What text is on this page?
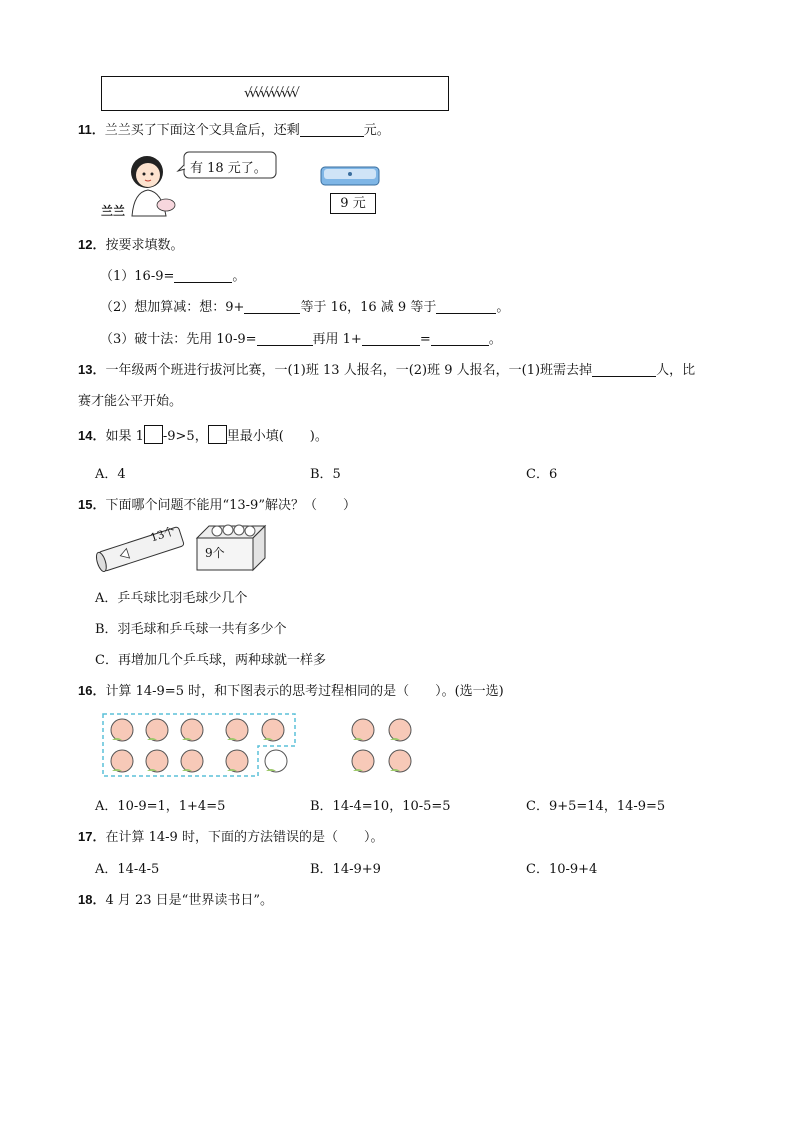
√√√√√√√√√√
11．兰兰买了下面这个文具盒后，还剩	元。
兰兰
有 18 元了。
9 元
12．按要求填数。
（1）16-9=	。
（2）想加算减：想：9+	等于 16，16 减 9 等于	。
（3）破十法：先用 10-9=	再用 1+	=	。
13．一年级两个班进行拔河比赛，一(1)班 13 人报名，一(2)班 9 人报名，一(1)班需去掉	人，比
赛才能公平开始。
14．如果 1 -9>5， 里最小填(　　)。
A．4	B．5	C．6
15．下面哪个问题不能用“13-9”解决？（　　）
13个
9个
A．乒乓球比羽毛球少几个
B．羽毛球和乒乓球一共有多少个
C．再增加几个乒乓球，两种球就一样多
16．计算 14-9=5 时，和下图表示的思考过程相同的是（　　）。(选一选)
A．10-9=1，1+4=5	B．14-4=10，10-5=5	C．9+5=14，14-9=5
17．在计算 14-9 时，下面的方法错误的是（　　）。
A．14-4-5	B．14-9+9	C．10-9+4
18．4 月 23 日是“世界读书日”。
